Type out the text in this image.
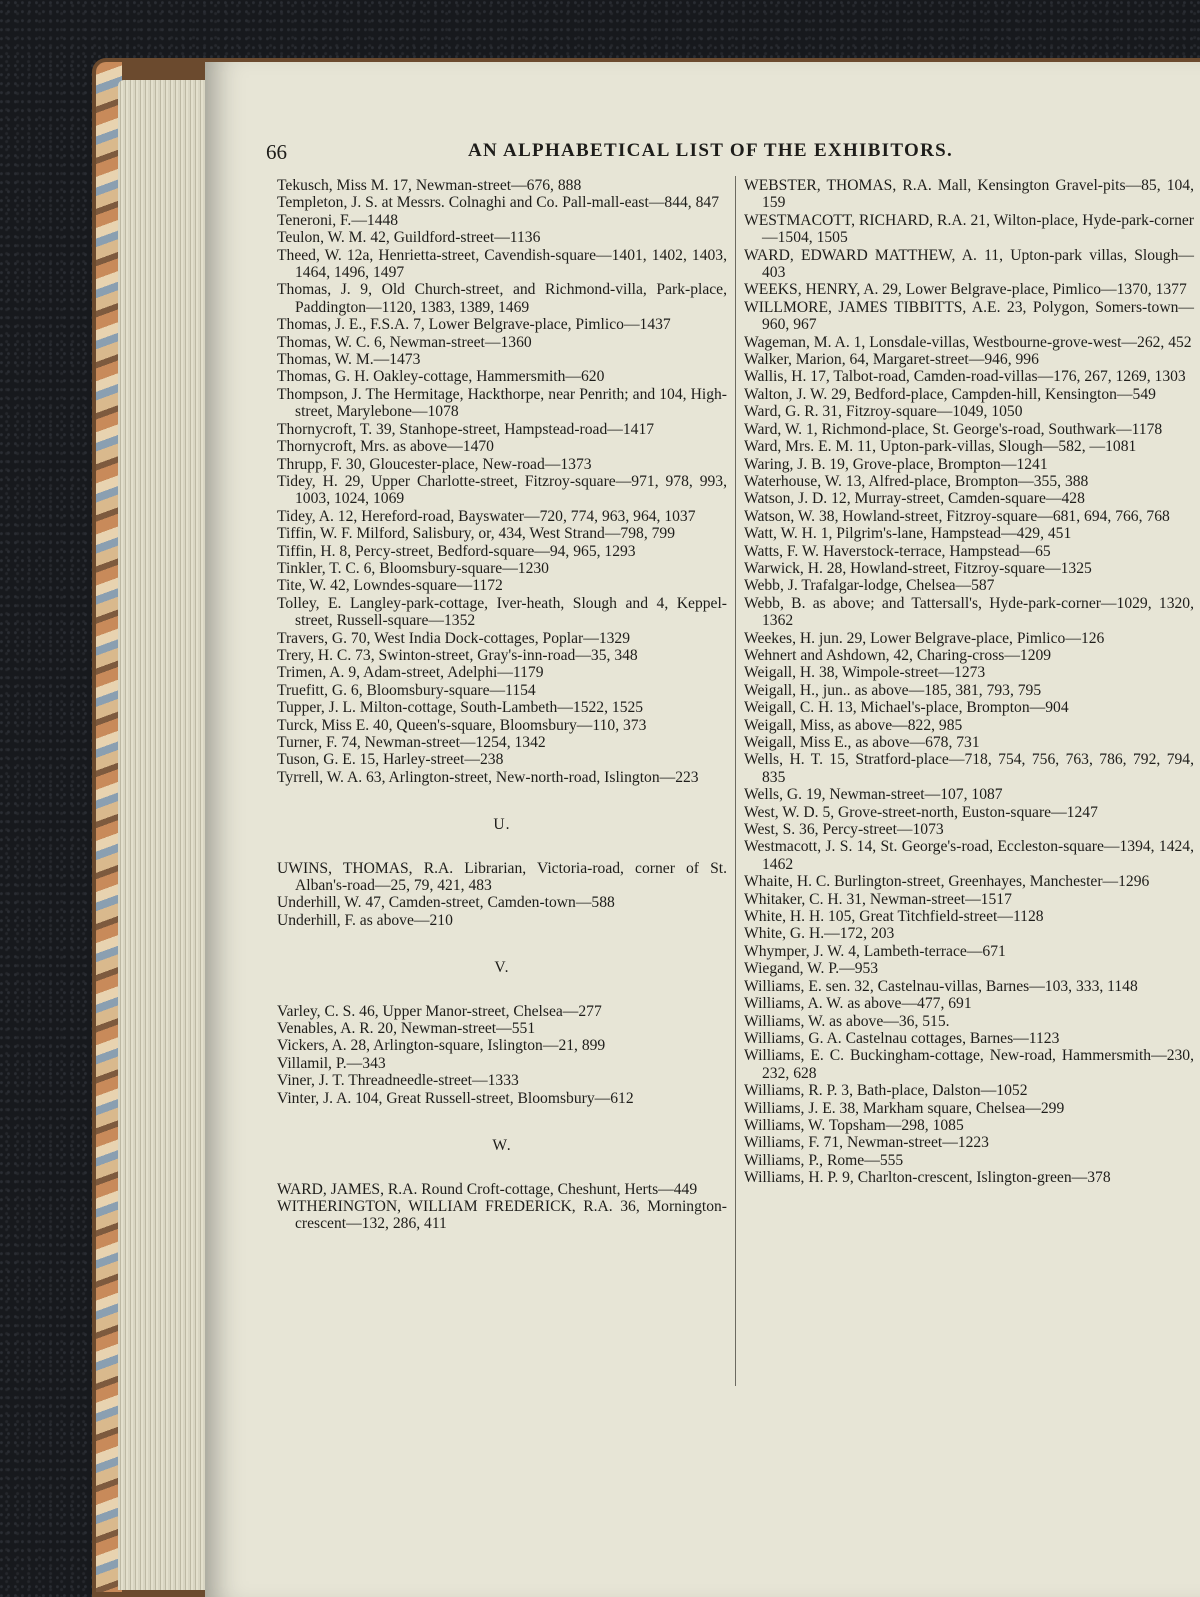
66	AN ALPHABETICAL LIST OF THE EXHIBITORS.
Tekusch, Miss M. 17, Newman-street—676, 888
Templeton, J. S. at Messrs. Colnaghi and Co. Pall-mall-east—844, 847
Teneroni, F.—1448
Teulon, W. M. 42, Guildford-street—1136
Theed, W. 12a, Henrietta-street, Cavendish-square—1401, 1402, 1403, 1464, 1496, 1497
Thomas, J. 9, Old Church-street, and Richmond-villa, Park-place, Paddington—1120, 1383, 1389, 1469
Thomas, J. E., F.S.A. 7, Lower Belgrave-place, Pimlico—1437
Thomas, W. C. 6, Newman-street—1360
Thomas, W. M.—1473
Thomas, G. H. Oakley-cottage, Hammersmith—620
Thompson, J. The Hermitage, Hackthorpe, near Penrith; and 104, High-street, Marylebone—1078
Thornycroft, T. 39, Stanhope-street, Hampstead-road—1417
Thornycroft, Mrs. as above—1470
Thrupp, F. 30, Gloucester-place, New-road—1373
Tidey, H. 29, Upper Charlotte-street, Fitzroy-square—971, 978, 993, 1003, 1024, 1069
Tidey, A. 12, Hereford-road, Bayswater—720, 774, 963, 964, 1037
Tiffin, W. F. Milford, Salisbury, or, 434, West Strand—798, 799
Tiffin, H. 8, Percy-street, Bedford-square—94, 965, 1293
Tinkler, T. C. 6, Bloomsbury-square—1230
Tite, W. 42, Lowndes-square—1172
Tolley, E. Langley-park-cottage, Iver-heath, Slough and 4, Keppel-street, Russell-square—1352
Travers, G. 70, West India Dock-cottages, Poplar—1329
Trery, H. C. 73, Swinton-street, Gray's-inn-road—35, 348
Trimen, A. 9, Adam-street, Adelphi—1179
Truefitt, G. 6, Bloomsbury-square—1154
Tupper, J. L. Milton-cottage, South-Lambeth—1522, 1525
Turck, Miss E. 40, Queen's-square, Bloomsbury—110, 373
Turner, F. 74, Newman-street—1254, 1342
Tuson, G. E. 15, Harley-street—238
Tyrrell, W. A. 63, Arlington-street, New-north-road, Islington—223
U.
UWINS, THOMAS, R.A. Librarian, Victoria-road, corner of St. Alban's-road—25, 79, 421, 483
Underhill, W. 47, Camden-street, Camden-town—588
Underhill, F. as above—210
V.
Varley, C. S. 46, Upper Manor-street, Chelsea—277
Venables, A. R. 20, Newman-street—551
Vickers, A. 28, Arlington-square, Islington—21, 899
Villamil, P.—343
Viner, J. T. Threadneedle-street—1333
Vinter, J. A. 104, Great Russell-street, Bloomsbury—612
W.
WARD, JAMES, R.A. Round Croft-cottage, Cheshunt, Herts—449
WITHERINGTON, WILLIAM FREDERICK, R.A. 36, Mornington-crescent—132, 286, 411
WEBSTER, THOMAS, R.A. Mall, Kensington Gravel-pits—85, 104, 159
WESTMACOTT, RICHARD, R.A. 21, Wilton-place, Hyde-park-corner—1504, 1505
WARD, EDWARD MATTHEW, A. 11, Upton-park villas, Slough—403
WEEKS, HENRY, A. 29, Lower Belgrave-place, Pimlico—1370, 1377
WILLMORE, JAMES TIBBITTS, A.E. 23, Polygon, Somers-town—960, 967
Wageman, M. A. 1, Lonsdale-villas, Westbourne-grove-west—262, 452
Walker, Marion, 64, Margaret-street—946, 996
Wallis, H. 17, Talbot-road, Camden-road-villas—176, 267, 1269, 1303
Walton, J. W. 29, Bedford-place, Campden-hill, Kensington—549
Ward, G. R. 31, Fitzroy-square—1049, 1050
Ward, W. 1, Richmond-place, St. George's-road, Southwark—1178
Ward, Mrs. E. M. 11, Upton-park-villas, Slough—582, —1081
Waring, J. B. 19, Grove-place, Brompton—1241
Waterhouse, W. 13, Alfred-place, Brompton—355, 388
Watson, J. D. 12, Murray-street, Camden-square—428
Watson, W. 38, Howland-street, Fitzroy-square—681, 694, 766, 768
Watt, W. H. 1, Pilgrim's-lane, Hampstead—429, 451
Watts, F. W. Haverstock-terrace, Hampstead—65
Warwick, H. 28, Howland-street, Fitzroy-square—1325
Webb, J. Trafalgar-lodge, Chelsea—587
Webb, B. as above; and Tattersall's, Hyde-park-corner—1029, 1320, 1362
Weekes, H. jun. 29, Lower Belgrave-place, Pimlico—126
Wehnert and Ashdown, 42, Charing-cross—1209
Weigall, H. 38, Wimpole-street—1273
Weigall, H., jun.. as above—185, 381, 793, 795
Weigall, C. H. 13, Michael's-place, Brompton—904
Weigall, Miss, as above—822, 985
Weigall, Miss E., as above—678, 731
Wells, H. T. 15, Stratford-place—718, 754, 756, 763, 786, 792, 794, 835
Wells, G. 19, Newman-street—107, 1087
West, W. D. 5, Grove-street-north, Euston-square—1247
West, S. 36, Percy-street—1073
Westmacott, J. S. 14, St. George's-road, Eccleston-square—1394, 1424, 1462
Whaite, H. C. Burlington-street, Greenhayes, Manchester—1296
Whitaker, C. H. 31, Newman-street—1517
White, H. H. 105, Great Titchfield-street—1128
White, G. H.—172, 203
Whymper, J. W. 4, Lambeth-terrace—671
Wiegand, W. P.—953
Williams, E. sen. 32, Castelnau-villas, Barnes—103, 333, 1148
Williams, A. W. as above—477, 691
Williams, W. as above—36, 515.
Williams, G. A. Castelnau cottages, Barnes—1123
Williams, E. C. Buckingham-cottage, New-road, Hammersmith—230, 232, 628
Williams, R. P. 3, Bath-place, Dalston—1052
Williams, J. E. 38, Markham square, Chelsea—299
Williams, W. Topsham—298, 1085
Williams, F. 71, Newman-street—1223
Williams, P., Rome—555
Williams, H. P. 9, Charlton-crescent, Islington-green—378
